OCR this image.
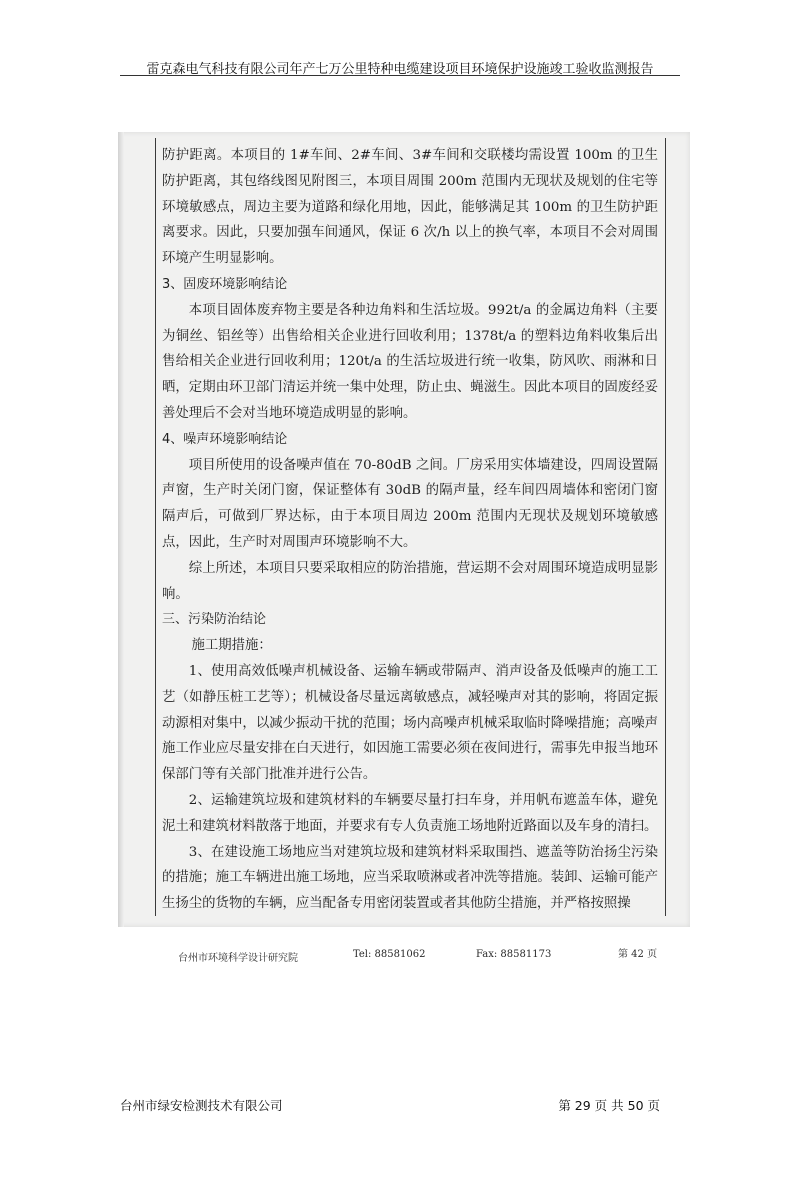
雷克森电气科技有限公司年产七万公里特种电缆建设项目环境保护设施竣工验收监测报告

防护距离。本项目的 1#车间、2#车间、3#车间和交联楼均需设置 100m 的卫生防护距离，其包络线图见附图三，本项目周围 200m 范围内无现状及规划的住宅等环境敏感点，周边主要为道路和绿化用地，因此，能够满足其 100m 的卫生防护距离要求。因此，只要加强车间通风，保证 6 次/h 以上的换气率，本项目不会对周围环境产生明显影响。

3、固废环境影响结论

本项目固体废弃物主要是各种边角料和生活垃圾。992t/a 的金属边角料（主要为铜丝、铝丝等）出售给相关企业进行回收利用；1378t/a 的塑料边角料收集后出售给相关企业进行回收利用；120t/a 的生活垃圾进行统一收集，防风吹、雨淋和日晒，定期由环卫部门清运并统一集中处理，防止虫、蝇滋生。因此本项目的固废经妥善处理后不会对当地环境造成明显的影响。

4、噪声环境影响结论

项目所使用的设备噪声值在 70-80dB 之间。厂房采用实体墙建设，四周设置隔声窗，生产时关闭门窗，保证整体有 30dB 的隔声量，经车间四周墙体和密闭门窗隔声后，可做到厂界达标，由于本项目周边 200m 范围内无现状及规划环境敏感点，因此，生产时对周围声环境影响不大。

综上所述，本项目只要采取相应的防治措施，营运期不会对周围环境造成明显影响。

三、污染防治结论

施工期措施：

1、使用高效低噪声机械设备、运输车辆或带隔声、消声设备及低噪声的施工工艺（如静压桩工艺等）；机械设备尽量远离敏感点，减轻噪声对其的影响，将固定振动源相对集中，以减少振动干扰的范围；场内高噪声机械采取临时降噪措施；高噪声施工作业应尽量安排在白天进行，如因施工需要必须在夜间进行，需事先申报当地环保部门等有关部门批准并进行公告。

2、运输建筑垃圾和建筑材料的车辆要尽量打扫车身，并用帆布遮盖车体，避免泥土和建筑材料散落于地面，并要求有专人负责施工场地附近路面以及车身的清扫。

3、在建设施工场地应当对建筑垃圾和建筑材料采取围挡、遮盖等防治扬尘污染的措施；施工车辆进出施工场地，应当采取喷淋或者冲洗等措施。装卸、运输可能产生扬尘的货物的车辆，应当配备专用密闭装置或者其他防尘措施，并严格按照操

台州市环境科学设计研究院	Tel: 88581062	Fax: 88581173	第 42 页
台州市绿安检测技术有限公司	第 29 页 共 50 页
